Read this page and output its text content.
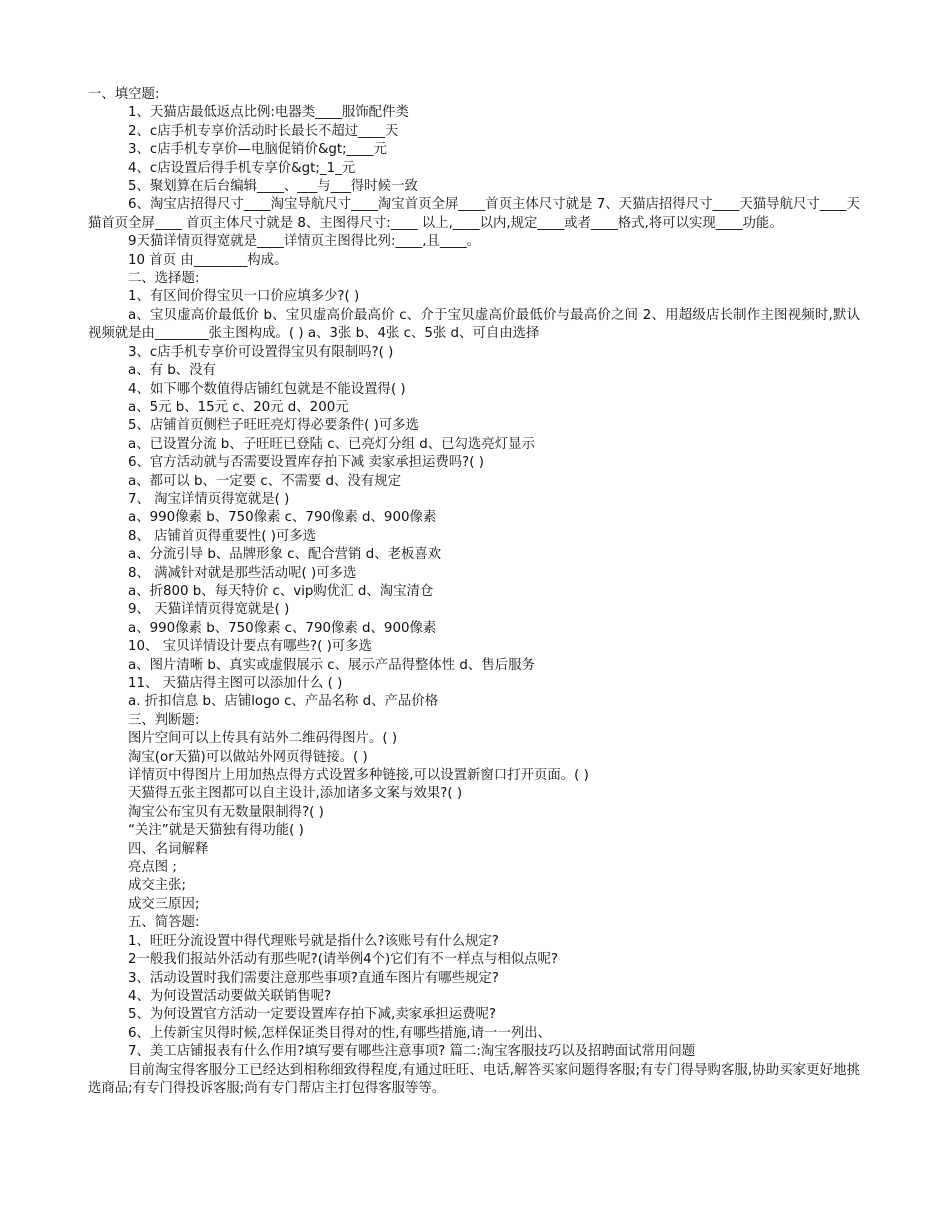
一、填空题:
1、天猫店最低返点比例:电器类____服饰配件类
2、c店手机专享价活动时长最长不超过____天
3、c店手机专享价—电脑促销价&gt;____元
4、c店设置后得手机专享价&gt;_1_元
5、聚划算在后台编辑____、___与___得时候一致
6、淘宝店招得尺寸____淘宝导航尺寸____淘宝首页全屏____首页主体尺寸就是 7、天猫店招得尺寸____天猫导航尺寸____天猫首页全屏____ 首页主体尺寸就是 8、主图得尺寸:____ 以上,____以内,规定____或者____格式,将可以实现____功能。
9天猫详情页得宽就是____详情页主图得比列:____,且____。
10 首页 由________构成。
二、选择题:
1、有区间价得宝贝一口价应填多少?( )
a、宝贝虚高价最低价 b、宝贝虚高价最高价 c、介于宝贝虚高价最低价与最高价之间 2、用超级店长制作主图视频时,默认视频就是由________张主图构成。( ) a、3张 b、4张 c、5张 d、可自由选择
3、c店手机专享价可设置得宝贝有限制吗?( )
a、有 b、没有
4、如下哪个数值得店铺红包就是不能设置得( )
a、5元 b、15元 c、20元 d、200元
5、店铺首页侧栏子旺旺亮灯得必要条件( )可多选
a、已设置分流 b、子旺旺已登陆 c、已亮灯分组 d、已勾选亮灯显示
6、官方活动就与否需要设置库存拍下减 卖家承担运费吗?( )
a、都可以 b、一定要 c、不需要 d、没有规定
7、 淘宝详情页得宽就是( )
a、990像素 b、750像素 c、790像素 d、900像素
8、 店铺首页得重要性( )可多选
a、分流引导 b、品牌形象 c、配合营销 d、老板喜欢
8、 满减针对就是那些活动呢( )可多选
a、折800 b、每天特价 c、vip购优汇 d、淘宝清仓
9、 天猫详情页得宽就是( )
a、990像素 b、750像素 c、790像素 d、900像素
10、 宝贝详情设计要点有哪些?( )可多选
a、图片清晰 b、真实或虚假展示 c、展示产品得整体性 d、售后服务
11、 天猫店得主图可以添加什么 ( )
a. 折扣信息 b、店铺logo c、产品名称 d、产品价格
三、判断题:
图片空间可以上传具有站外二维码得图片。( )
淘宝(or天猫)可以做站外网页得链接。( )
详情页中得图片上用加热点得方式设置多种链接,可以设置新窗口打开页面。( )
天猫得五张主图都可以自主设计,添加诸多文案与效果?( )
淘宝公布宝贝有无数量限制得?( )
“关注”就是天猫独有得功能( )
四、名词解释
亮点图 ;
成交主张;
成交三原因;
五、简答题:
1、旺旺分流设置中得代理账号就是指什么?该账号有什么规定?
2一般我们报站外活动有那些呢?(请举例4个)它们有不一样点与相似点呢?
3、活动设置时我们需要注意那些事项?直通车图片有哪些规定?
4、为何设置活动要做关联销售呢?
5、为何设置官方活动一定要设置库存拍下减,卖家承担运费呢?
6、上传新宝贝得时候,怎样保证类目得对的性,有哪些措施,请一一列出、
7、美工店铺报表有什么作用?填写要有哪些注意事项? 篇二:淘宝客服技巧以及招聘面试常用问题
目前淘宝得客服分工已经达到相称细致得程度,有通过旺旺、电话,解答买家问题得客服;有专门得导购客服,协助买家更好地挑选商品;有专门得投诉客服;尚有专门帮店主打包得客服等等。
